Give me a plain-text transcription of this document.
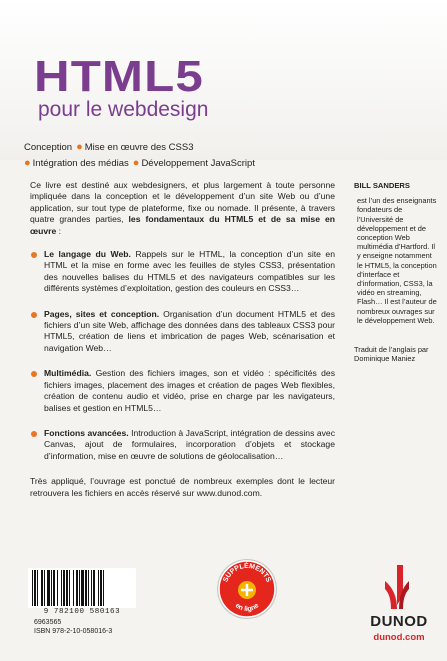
HTML5
pour le webdesign
Conception ● Mise en œuvre des CSS3
● Intégration des médias ● Développement JavaScript

Ce livre est destiné aux webdesigners, et plus largement à toute personne impliquée dans la conception et le développement d’un site Web ou d’une application, sur tout type de plateforme, fixe ou nomade. Il présente, à travers quatre grandes parties, les fondamentaux du HTML5 et de sa mise en œuvre :

Le langage du Web. Rappels sur le HTML, la conception d’un site en HTML et la mise en forme avec les feuilles de styles CSS3, présentation des nouvelles balises du HTML5 et des navigateurs compatibles sur les différents systèmes d’exploitation, gestion des couleurs en CSS3…
Pages, sites et conception. Organisation d’un document HTML5 et des fichiers d’un site Web, affichage des données dans des tableaux CSS3 pour HTML5, création de liens et imbrication de pages Web, scénarisation et navigation Web…
Multimédia. Gestion des fichiers images, son et vidéo : spécificités des fichiers images, placement des images et création de pages Web flexibles, création de contenu audio et vidéo, prise en charge par les navigateurs, balises et gestion en HTML5…
Fonctions avancées. Introduction à JavaScript, intégration de dessins avec Canvas, ajout de formulaires, incorporation d’objets et stockage d’information, mise en œuvre de solutions de géolocalisation…

Très appliqué, l’ouvrage est ponctué de nombreux exemples dont le lecteur retrouvera les fichiers en accès réservé sur www.dunod.com.

BILL SANDERS
est l’un des enseignants fondateurs de l’Université de développement et de conception Web multimédia d’Hartford. Il y enseigne notamment le HTML5, la conception d’interface et d’information, CSS3, la vidéo en streaming, Flash… Il est l’auteur de nombreux ouvrages sur le développement Web.
Traduit de l’anglais par Dominique Maniez
SUPPLÉMENTS
en ligne
9 782100 580163
6963565
ISBN 978-2-10-058016-3
DUNOD
dunod.com
